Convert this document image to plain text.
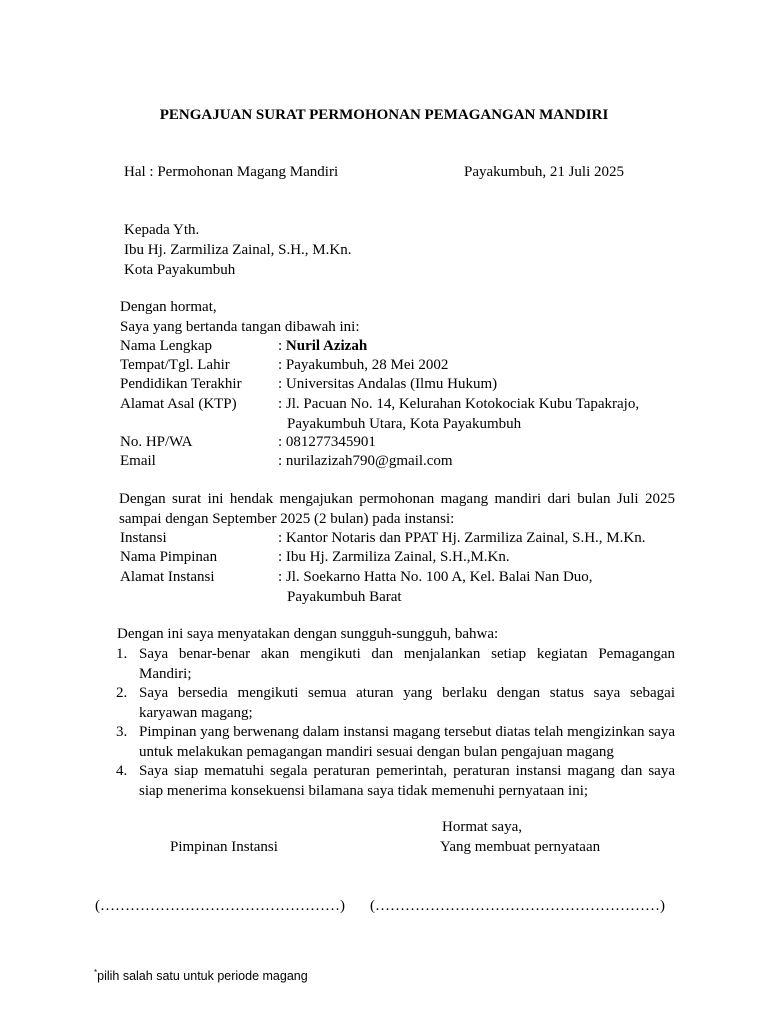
PENGAJUAN SURAT PERMOHONAN PEMAGANGAN MANDIRI
Hal : Permohonan Magang Mandiri	Payakumbuh, 21 Juli 2025
Kepada Yth.
Ibu Hj. Zarmiliza Zainal, S.H., M.Kn.
Kota Payakumbuh
Dengan hormat,
Saya yang bertanda tangan dibawah ini:
Nama Lengkap	: Nuril Azizah
Tempat/Tgl. Lahir	: Payakumbuh, 28 Mei 2002
Pendidikan Terakhir : Universitas Andalas (Ilmu Hukum)
Alamat Asal (KTP)	: Jl. Pacuan No. 14, Kelurahan Kotokociak Kubu Tapakrajo,
Payakumbuh Utara, Kota Payakumbuh
No. HP/WA	: 081277345901
Email	: nurilazizah790@gmail.com
Dengan surat ini hendak mengajukan permohonan magang mandiri dari bulan Juli 2025 sampai dengan September 2025 (2 bulan) pada instansi:
Instansi	: Kantor Notaris dan PPAT Hj. Zarmiliza Zainal, S.H., M.Kn.
Nama Pimpinan	: Ibu Hj. Zarmiliza Zainal, S.H.,M.Kn.
Alamat Instansi	: Jl. Soekarno Hatta No. 100 A, Kel. Balai Nan Duo,
Payakumbuh Barat
Dengan ini saya menyatakan dengan sungguh-sungguh, bahwa:
1. Saya benar-benar akan mengikuti dan menjalankan setiap kegiatan Pemagangan Mandiri;
2. Saya bersedia mengikuti semua aturan yang berlaku dengan status saya sebagai karyawan magang;
3. Pimpinan yang berwenang dalam instansi magang tersebut diatas telah mengizinkan saya untuk melakukan pemagangan mandiri sesuai dengan bulan pengajuan magang
4. Saya siap mematuhi segala peraturan pemerintah, peraturan instansi magang dan saya siap menerima konsekuensi bilamana saya tidak memenuhi pernyataan ini;
Hormat saya,
Pimpinan Instansi	Yang membuat pernyataan
(…………………………………………) (…………………………………………………)
*pilih salah satu untuk periode magang
